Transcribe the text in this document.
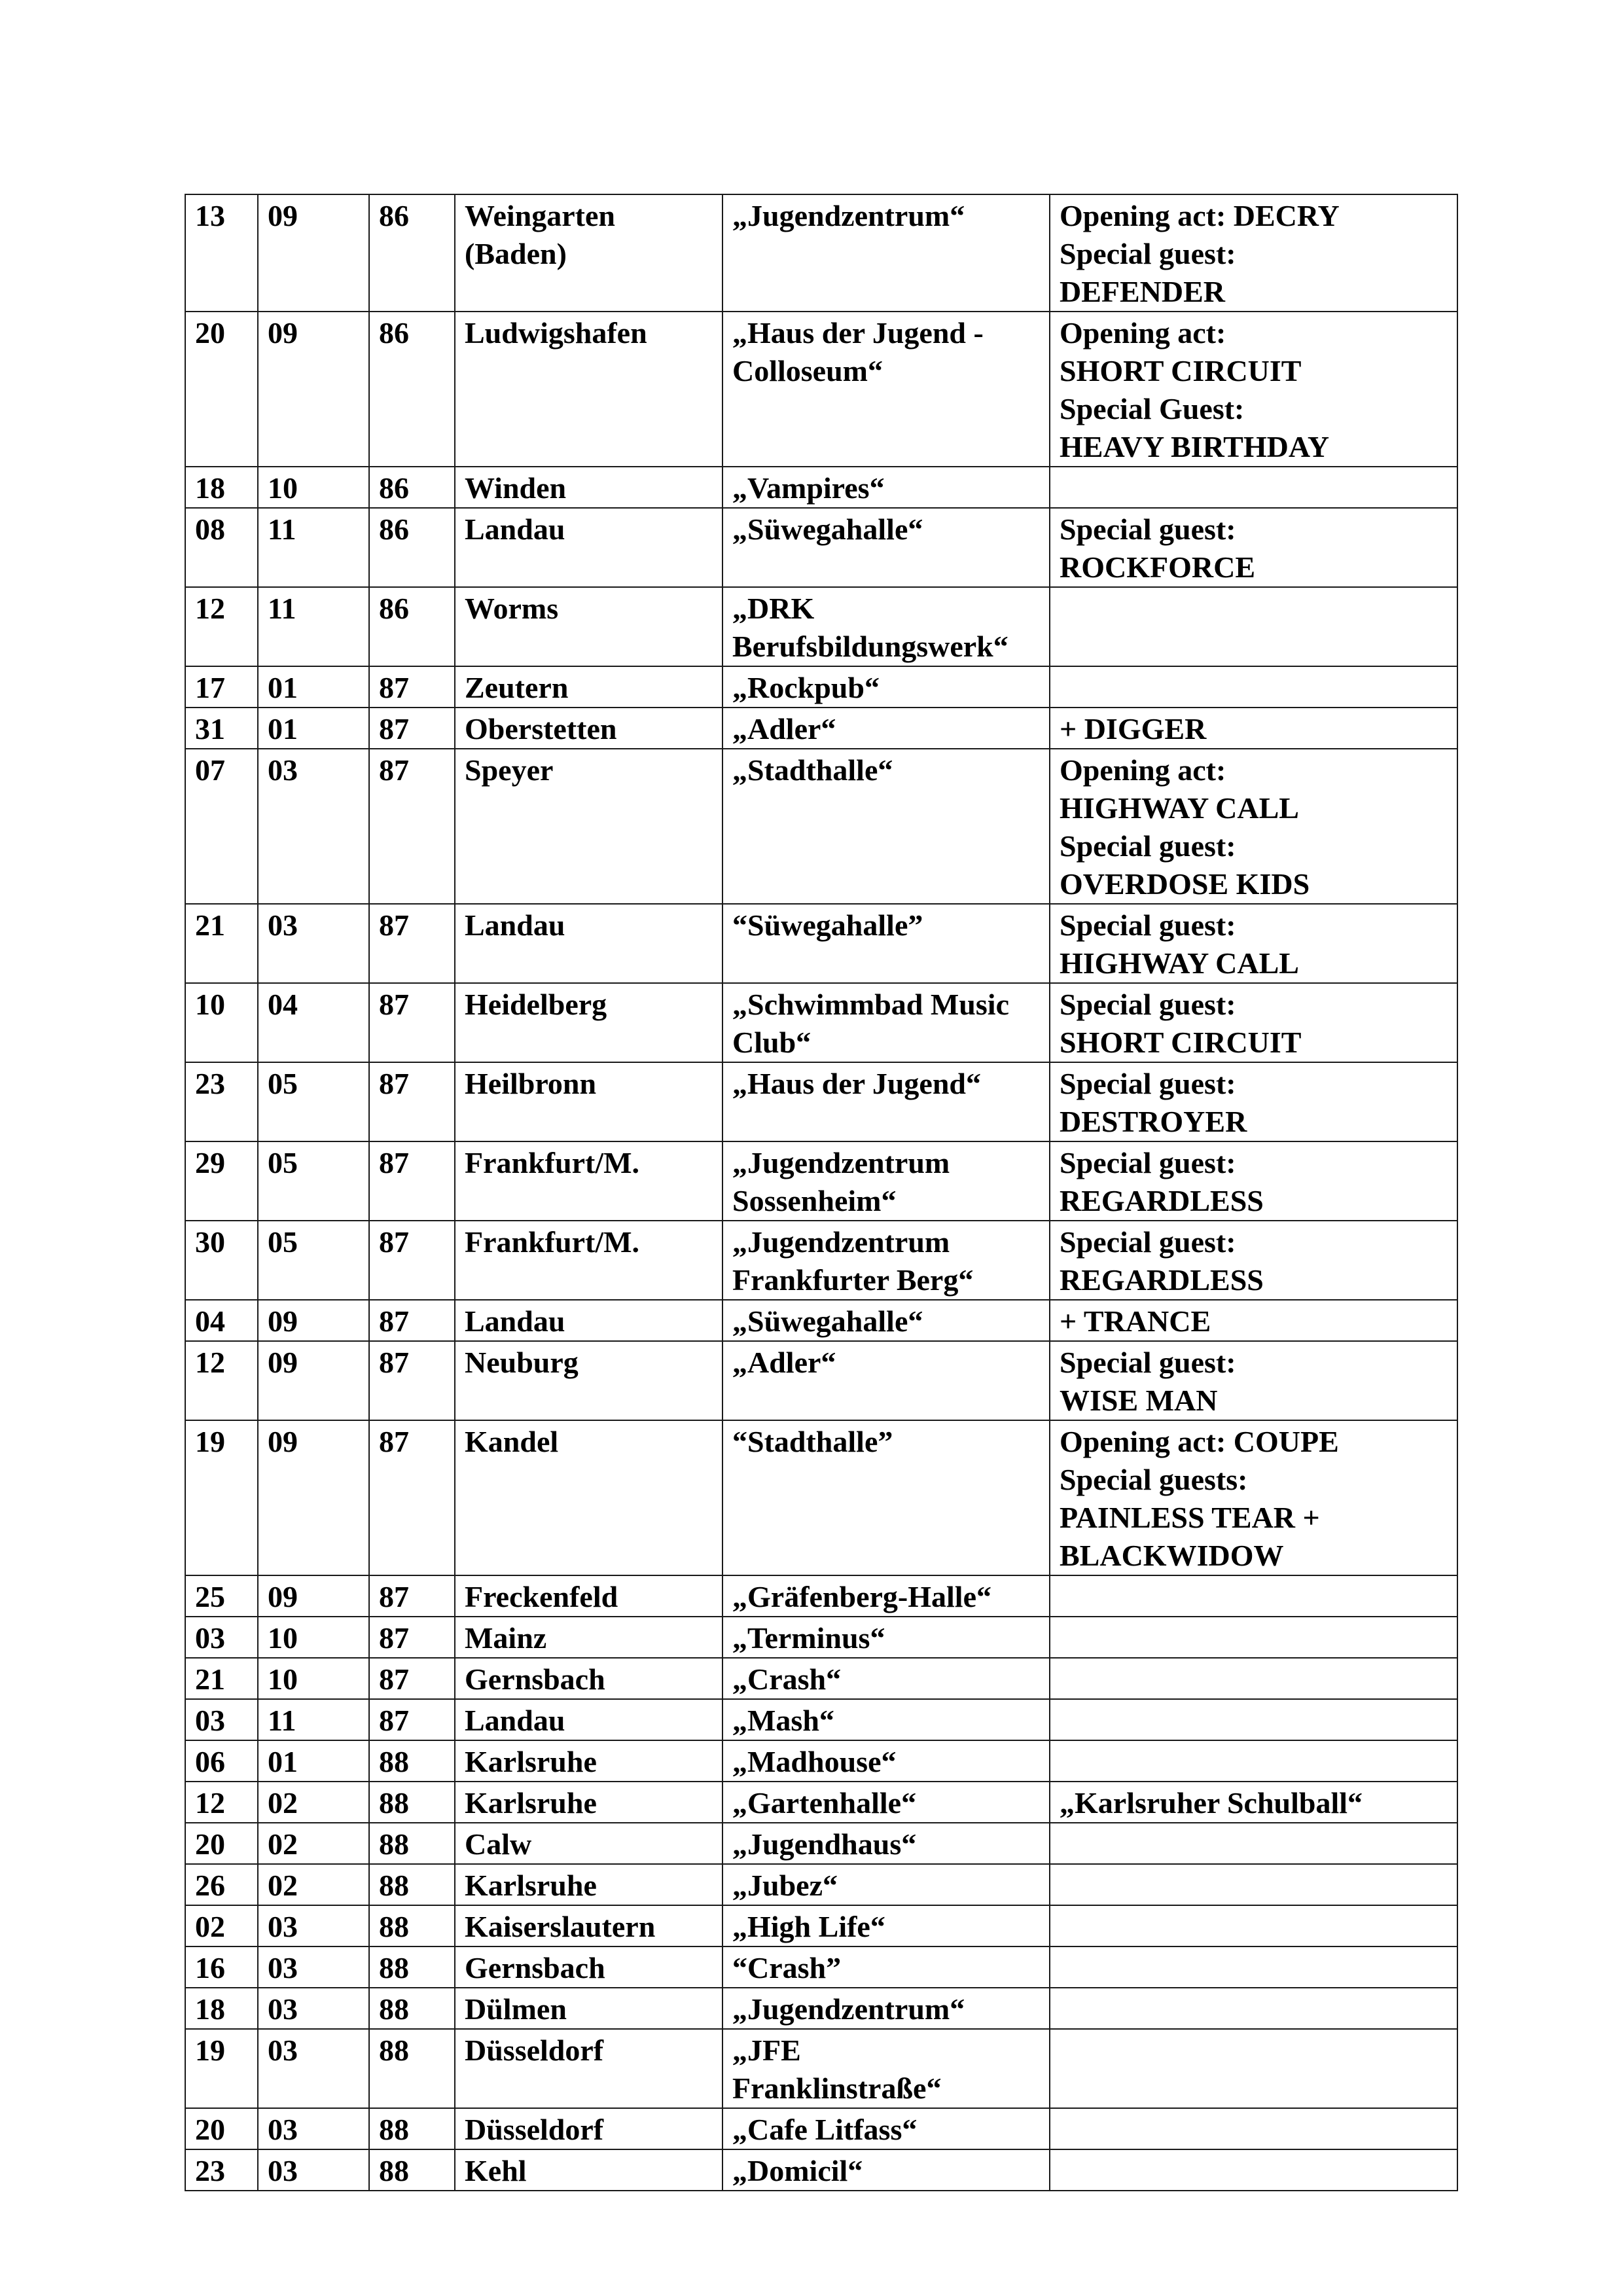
13	09	86	Weingarten
(Baden)	„Jugendzentrum“	Opening act: DECRY
Special guest:
DEFENDER
20	09	86	Ludwigshafen	„Haus der Jugend -
Colloseum“	Opening act:
SHORT CIRCUIT
Special Guest:
HEAVY BIRTHDAY
18	10	86	Winden	„Vampires“	
08	11	86	Landau	„Süwegahalle“	Special guest:
ROCKFORCE
12	11	86	Worms	„DRK
Berufsbildungswerk“	
17	01	87	Zeutern	„Rockpub“	
31	01	87	Oberstetten	„Adler“	+ DIGGER
07	03	87	Speyer	„Stadthalle“	Opening act:
HIGHWAY CALL
Special guest:
OVERDOSE KIDS
21	03	87	Landau	“Süwegahalle”	Special guest:
HIGHWAY CALL
10	04	87	Heidelberg	„Schwimmbad Music
Club“	Special guest:
SHORT CIRCUIT
23	05	87	Heilbronn	„Haus der Jugend“	Special guest:
DESTROYER
29	05	87	Frankfurt/M.	„Jugendzentrum
Sossenheim“	Special guest:
REGARDLESS
30	05	87	Frankfurt/M.	„Jugendzentrum
Frankfurter Berg“	Special guest:
REGARDLESS
04	09	87	Landau	„Süwegahalle“	+ TRANCE
12	09	87	Neuburg	„Adler“	Special guest:
WISE MAN
19	09	87	Kandel	“Stadthalle”	Opening act: COUPE
Special guests:
PAINLESS TEAR +
BLACKWIDOW
25	09	87	Freckenfeld	„Gräfenberg-Halle“	
03	10	87	Mainz	„Terminus“	
21	10	87	Gernsbach	„Crash“	
03	11	87	Landau	„Mash“	
06	01	88	Karlsruhe	„Madhouse“	
12	02	88	Karlsruhe	„Gartenhalle“	„Karlsruher Schulball“
20	02	88	Calw	„Jugendhaus“	
26	02	88	Karlsruhe	„Jubez“	
02	03	88	Kaiserslautern	„High Life“	
16	03	88	Gernsbach	“Crash”	
18	03	88	Dülmen	„Jugendzentrum“	
19	03	88	Düsseldorf	„JFE
Franklinstraße“	
20	03	88	Düsseldorf	„Cafe Litfass“	
23	03	88	Kehl	„Domicil“	
